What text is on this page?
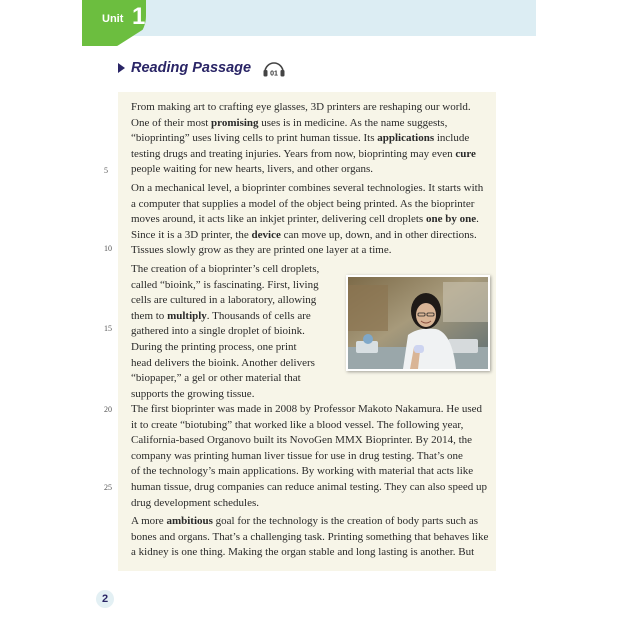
Unit 1
Reading Passage	01
From making art to crafting eye glasses, 3D printers are reshaping our world.
One of their most promising uses is in medicine. As the name suggests,
“bioprinting” uses living cells to print human tissue. Its applications include
testing drugs and treating injuries. Years from now, bioprinting may even cure
people waiting for new hearts, livers, and other organs.
On a mechanical level, a bioprinter combines several technologies. It starts with
a computer that supplies a model of the object being printed. As the bioprinter
moves around, it acts like an inkjet printer, delivering cell droplets one by one.
Since it is a 3D printer, the device can move up, down, and in other directions.
Tissues slowly grow as they are printed one layer at a time.
The creation of a bioprinter’s cell droplets,
called “bioink,” is fascinating. First, living
cells are cultured in a laboratory, allowing
them to multiply. Thousands of cells are
gathered into a single droplet of bioink.
During the printing process, one print
head delivers the bioink. Another delivers
“biopaper,” a gel or other material that
supports the growing tissue.
The first bioprinter was made in 2008 by Professor Makoto Nakamura. He used
it to create “biotubing” that worked like a blood vessel. The following year,
California-based Organovo built its NovoGen MMX Bioprinter. By 2014, the
company was printing human liver tissue for use in drug testing. That’s one
of the technology’s main applications. By working with material that acts like
human tissue, drug companies can reduce animal testing. They can also speed up
drug development schedules.
A more ambitious goal for the technology is the creation of body parts such as
bones and organs. That’s a challenging task. Printing something that behaves like
a kidney is one thing. Making the organ stable and long lasting is another. But
5
10
15
20
25
2
